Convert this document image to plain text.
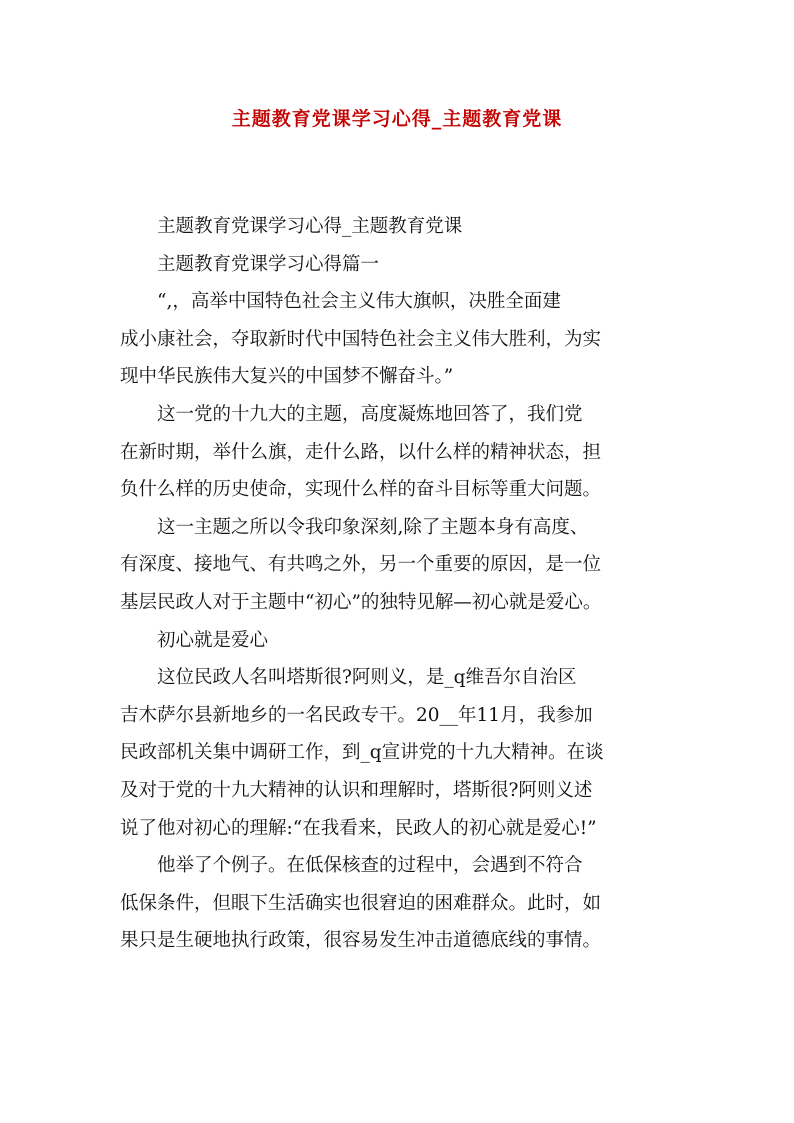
主题教育党课学习心得_主题教育党课

主题教育党课学习心得_主题教育党课

主题教育党课学习心得篇一

“,，高举中国特色社会主义伟大旗帜，决胜全面建
成小康社会，夺取新时代中国特色社会主义伟大胜利，为实
现中华民族伟大复兴的中国梦不懈奋斗。”

这一党的十九大的主题，高度凝炼地回答了，我们党
在新时期，举什么旗，走什么路，以什么样的精神状态，担
负什么样的历史使命，实现什么样的奋斗目标等重大问题。

这一主题之所以令我印象深刻,除了主题本身有高度、
有深度、接地气、有共鸣之外，另一个重要的原因，是一位
基层民政人对于主题中“初心”的独特见解—初心就是爱心。

初心就是爱心

这位民政人名叫塔斯很?阿则义，是_q维吾尔自治区
吉木萨尔县新地乡的一名民政专干。20__年11月，我参加
民政部机关集中调研工作，到_q宣讲党的十九大精神。在谈
及对于党的十九大精神的认识和理解时，塔斯很?阿则义述
说了他对初心的理解:“在我看来，民政人的初心就是爱心!”

他举了个例子。在低保核查的过程中，会遇到不符合
低保条件，但眼下生活确实也很窘迫的困难群众。此时，如
果只是生硬地执行政策，很容易发生冲击道德底线的事情。
